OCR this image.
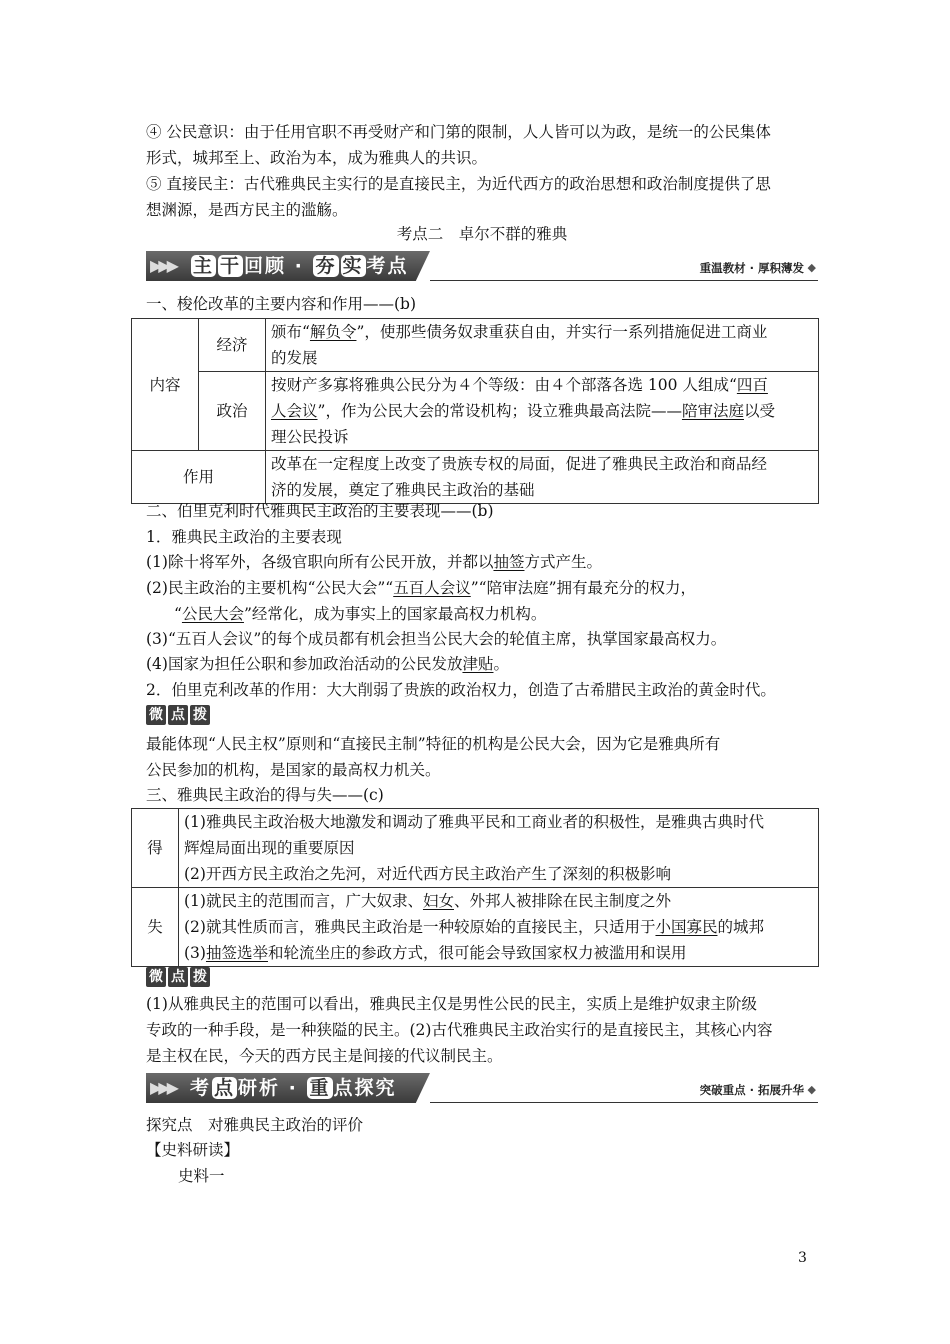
④ 公民意识：由于任用官职不再受财产和门第的限制，人人皆可以为政，是统一的公民集体
形式，城邦至上、政治为本，成为雅典人的共识。
⑤ 直接民主：古代雅典民主实行的是直接民主，为近代西方的政治思想和政治制度提供了思
想渊源，是西方民主的滥觞。
考点二　卓尔不群的雅典
▶▶▶ 主 干 回顾 · 夯 实 考点	重温教材 · 厚积薄发 ◆
一、梭伦改革的主要内容和作用——(b)
内容	经济	颁布“解负令”，使那些债务奴隶重获自由，并实行一系列措施促进工商业
的发展

	政治	按财产多寡将雅典公民分为４个等级：由４个部落各选 100 人组成“四百
人会议”，作为公民大会的常设机构；设立雅典最高法院——陪审法庭以受
理公民投诉

作用		改革在一定程度上改变了贵族专权的局面，促进了雅典民主政治和商品经
济的发展，奠定了雅典民主政治的基础
二、伯里克利时代雅典民主政治的主要表现——(b)
1．雅典民主政治的主要表现
(1)除十将军外，各级官职向所有公民开放，并都以抽签方式产生。
(2)民主政治的主要机构“公民大会”“五百人会议”“陪审法庭”拥有最充分的权力，
“公民大会”经常化，成为事实上的国家最高权力机构。
(3)“五百人会议”的每个成员都有机会担当公民大会的轮值主席，执掌国家最高权力。
(4)国家为担任公职和参加政治活动的公民发放津贴。
2．伯里克利改革的作用：大大削弱了贵族的政治权力，创造了古希腊民主政治的黄金时代。
微 点 拨
最能体现“人民主权”原则和“直接民主制”特征的机构是公民大会，因为它是雅典所有
公民参加的机构，是国家的最高权力机关。
三、雅典民主政治的得与失——(c)
得	(1)雅典民主政治极大地激发和调动了雅典平民和工商业者的积极性，是雅典古典时代
辉煌局面出现的重要原因
(2)开西方民主政治之先河，对近代西方民主政治产生了深刻的积极影响

失	(1)就民主的范围而言，广大奴隶、妇女、外邦人被排除在民主制度之外
(2)就其性质而言，雅典民主政治是一种较原始的直接民主，只适用于小国寡民的城邦
(3)抽签选举和轮流坐庄的参政方式，很可能会导致国家权力被滥用和误用
微 点 拨
(1)从雅典民主的范围可以看出，雅典民主仅是男性公民的民主，实质上是维护奴隶主阶级
专政的一种手段，是一种狭隘的民主。(2)古代雅典民主政治实行的是直接民主，其核心内容
是主权在民，今天的西方民主是间接的代议制民主。
▶▶▶ 考 点 研析 · 重 点探究	突破重点 · 拓展升华 ◆
探究点　对雅典民主政治的评价
【史料研读】
史料一
3
